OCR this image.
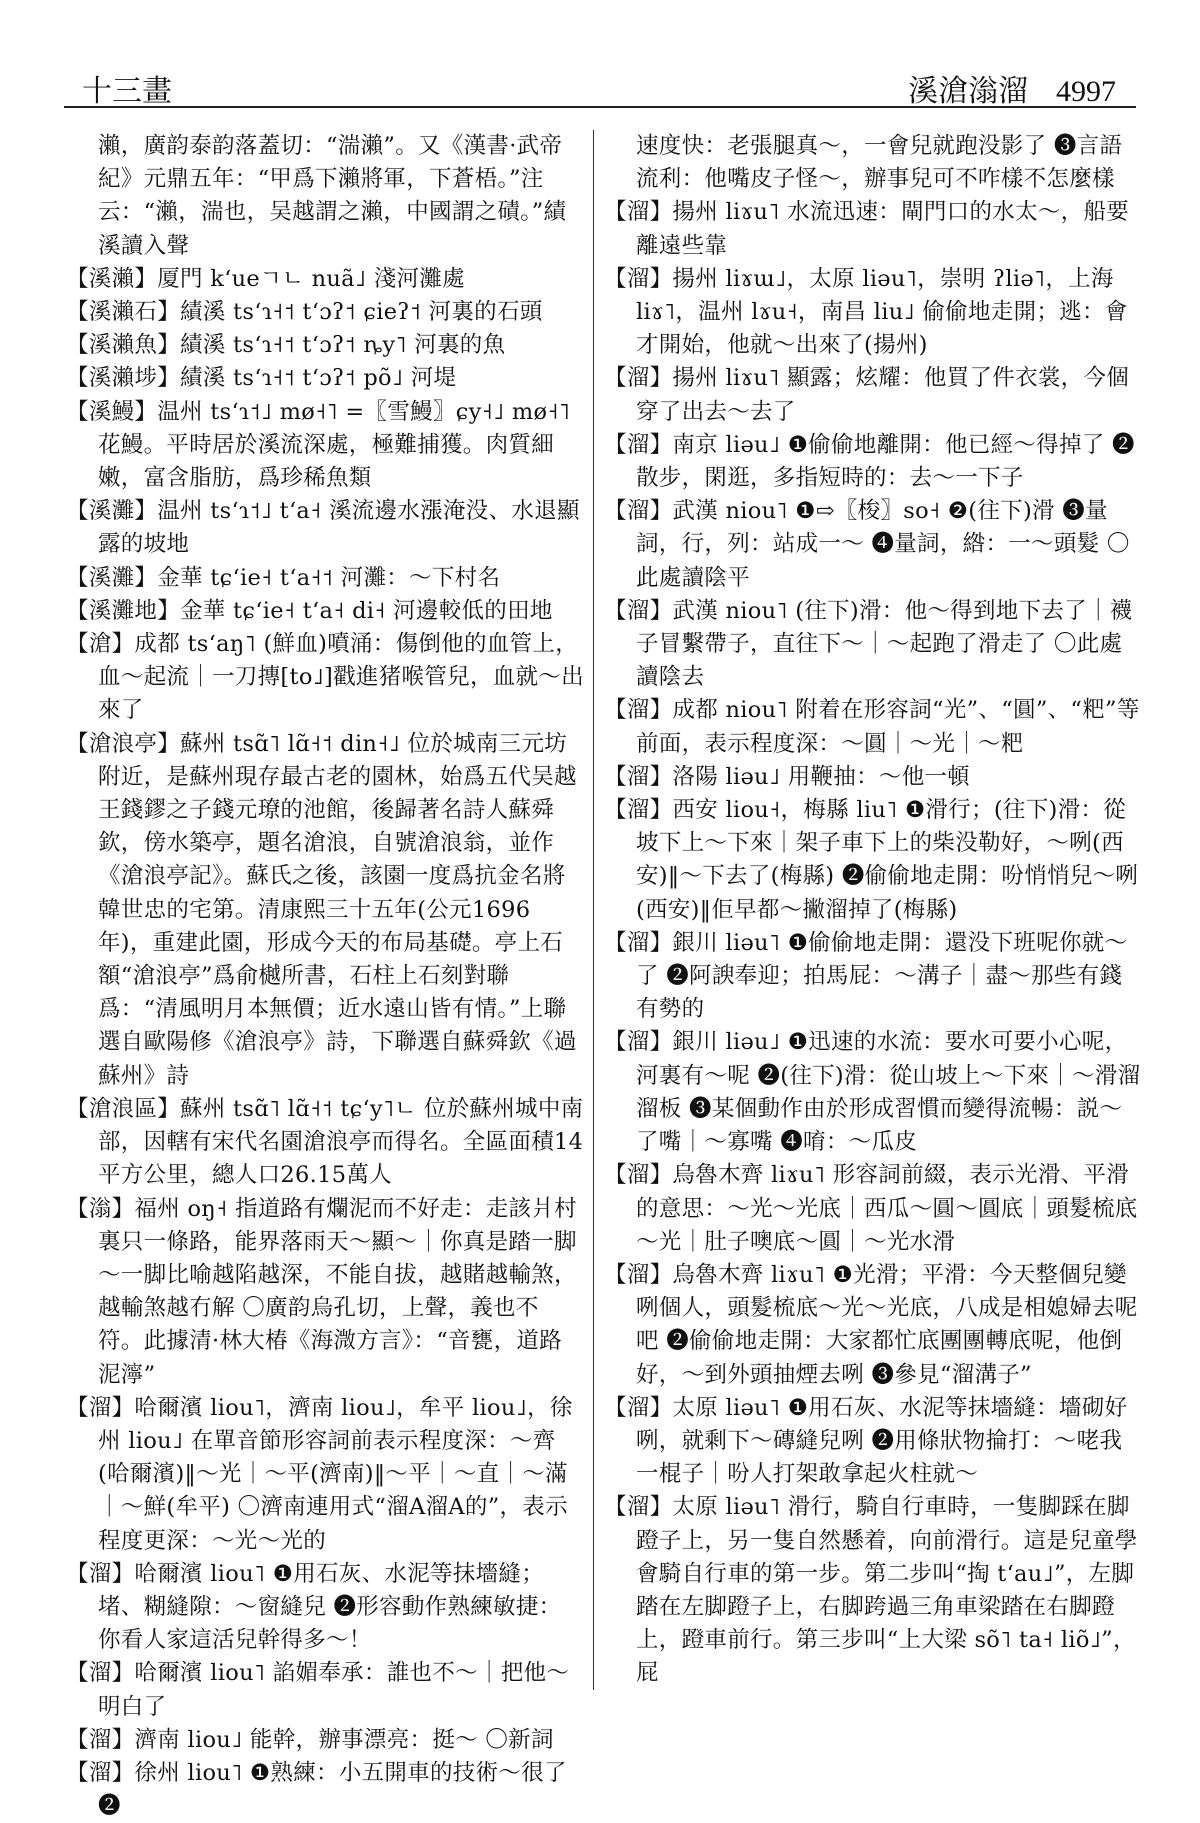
十三畫	溪滄滃溜 4997

瀨，廣韵泰韵落蓋切：“湍瀨”。又《漢書·武帝紀》元鼎五年：“甲爲下瀨將軍，下蒼梧。”注云：“瀨，湍也，吴越謂之瀨，中國謂之磧。”績溪讀入聲

【溪瀨】厦門 kʻueㄱㄴ nuã˩ 淺河灘處

【溪瀨石】績溪 tsʻɿ˧˦ tʻɔʔ˦ ɕieʔ˦ 河裏的石頭

【溪瀨魚】績溪 tsʻɿ˧˦ tʻɔʔ˦ ȵy˥ 河裏的魚

【溪瀨埗】績溪 tsʻɿ˧˦ tʻɔʔ˦ põ˩ 河堤

【溪鰻】温州 tsʻɿ˦˩ mø˧˥ =〖雪鰻〗ɕy˧˩ mø˧˥ 花鰻。平時居於溪流深處，極難捕獲。肉質細嫩，富含脂肪，爲珍稀魚類

【溪灘】温州 tsʻɿ˦˩ tʻa˧ 溪流邊水漲淹没、水退顯露的坡地

【溪灘】金華 tɕʻie˧ tʻa˧˦ 河灘：～下村名

【溪灘地】金華 tɕʻie˧ tʻa˧ di˧ 河邊較低的田地

【滄】成都 tsʻaŋ˥ (鮮血)噴涌：傷倒他的血管上，血～起流｜一刀摶[to˩]戳進猪喉管兒，血就～出來了

【滄浪亭】蘇州 tsɑ̃˥ lɑ̃˧˦ din˧˩ 位於城南三元坊附近，是蘇州現存最古老的園林，始爲五代吴越王錢鏐之子錢元璙的池館，後歸著名詩人蘇舜欽，傍水築亭，題名滄浪，自號滄浪翁，並作《滄浪亭記》。蘇氏之後，該園一度爲抗金名將韓世忠的宅第。清康熙三十五年(公元1696年)，重建此園，形成今天的布局基礎。亭上石額“滄浪亭”爲俞樾所書，石柱上石刻對聯爲：“清風明月本無價；近水遠山皆有情。”上聯選自歐陽修《滄浪亭》詩，下聯選自蘇舜欽《過蘇州》詩

【滄浪區】蘇州 tsɑ̃˥ lɑ̃˧˦ tɕʻy˥ㄴ 位於蘇州城中南部，因轄有宋代名園滄浪亭而得名。全區面積14平方公里，總人口26.15萬人

【滃】福州 oŋ˧ 指道路有爛泥而不好走：走該爿村裏只一條路，能界落雨天～顯～｜你真是踏一脚～一脚比喻越陷越深，不能自拔，越賭越輸煞，越輸煞越冇解 〇廣韵烏孔切，上聲，義也不符。此據清·林大椿《海溦方言》：“音甕，道路泥濘”

【溜】哈爾濱 liou˥，濟南 liou˩，牟平 liou˩，徐州 liou˩ 在單音節形容詞前表示程度深：～齊(哈爾濱)‖～光｜～平(濟南)‖～平｜～直｜～滿｜～鮮(牟平) 〇濟南連用式“溜A溜A的”，表示程度更深：～光～光的

【溜】哈爾濱 liou˥ ❶用石灰、水泥等抹墻縫；堵、糊縫隙：～窗縫兒 ❷形容動作熟練敏捷：你看人家這活兒幹得多～！

【溜】哈爾濱 liou˥ 諂媚奉承：誰也不～｜把他～明白了

【溜】濟南 liou˩ 能幹，辦事漂亮：挺～ 〇新詞

【溜】徐州 liou˥ ❶熟練：小五開車的技術～很了 ❷

速度快：老張腿真～，一會兒就跑没影了 ❸言語流利：他嘴皮子怪～，辦事兒可不咋樣不怎麼樣

【溜】揚州 liɤu˥ 水流迅速：閘門口的水太～，船要離遠些靠

【溜】揚州 liɤɯ˩，太原 liəu˥，崇明 ʔliə˥，上海 liɤ˥，温州 lɤu˧，南昌 liu˩ 偷偷地走開；逃：會才開始，他就～出來了(揚州)

【溜】揚州 liɤu˥ 顯露；炫耀：他買了件衣裳，今個穿了出去～去了

【溜】南京 liəu˩ ❶偷偷地離開：他已經～得掉了 ❷散步，閑逛，多指短時的：去～一下子

【溜】武漢 niou˥ ❶⇨〖梭〗so˧ ❷(往下)滑 ❸量詞，行，列：站成一～ ❹量詞，綹：一～頭髮 〇此處讀陰平

【溜】武漢 niou˥ (往下)滑：他～得到地下去了｜襪子冒繫帶子，直往下～｜～起跑了滑走了 〇此處讀陰去

【溜】成都 niou˥ 附着在形容詞“光”、“圓”、“粑”等前面，表示程度深：～圓｜～光｜～粑

【溜】洛陽 liəu˩ 用鞭抽：～他一頓

【溜】西安 liou˧，梅縣 liu˥ ❶滑行；(往下)滑：從坡下上～下來｜架子車下上的柴没勒好，～咧(西安)‖～下去了(梅縣) ❷偷偷地走開：吩悄悄兒～咧(西安)‖佢早都～撇溜掉了(梅縣)

【溜】銀川 liəu˥ ❶偷偷地走開：還没下班呢你就～了 ❷阿諛奉迎；拍馬屁：～溝子｜盡～那些有錢有勢的

【溜】銀川 liəu˩ ❶迅速的水流：要水可要小心呢，河裏有～呢 ❷(往下)滑：從山坡上～下來｜～滑溜溜板 ❸某個動作由於形成習慣而變得流暢：説～了嘴｜～寡嘴 ❹唷：～瓜皮

【溜】烏魯木齊 liɤu˥ 形容詞前綴，表示光滑、平滑的意思：～光～光底｜西瓜～圓～圓底｜頭髮梳底～光｜肚子噢底～圓｜～光水滑

【溜】烏魯木齊 liɤu˥ ❶光滑；平滑：今天整個兒變咧個人，頭髮梳底～光～光底，八成是相媳婦去呢吧 ❷偷偷地走開：大家都忙底團團轉底呢，他倒好，～到外頭抽煙去咧 ❸參見“溜溝子”

【溜】太原 liəu˥ ❶用石灰、水泥等抹墻縫：墻砌好咧，就剩下～磚縫兒咧 ❷用條狀物掄打：～咾我一棍子｜吩人打架敢拿起火柱就～

【溜】太原 liəu˥ 滑行，騎自行車時，一隻脚踩在脚蹬子上，另一隻自然懸着，向前滑行。這是兒童學會騎自行車的第一步。第二步叫“掏 tʻau˩”，左脚踏在左脚蹬子上，右脚跨過三角車梁踏在右脚蹬上，蹬車前行。第三步叫“上大梁 sõ˥ ta˧ liõ˩”，屁
